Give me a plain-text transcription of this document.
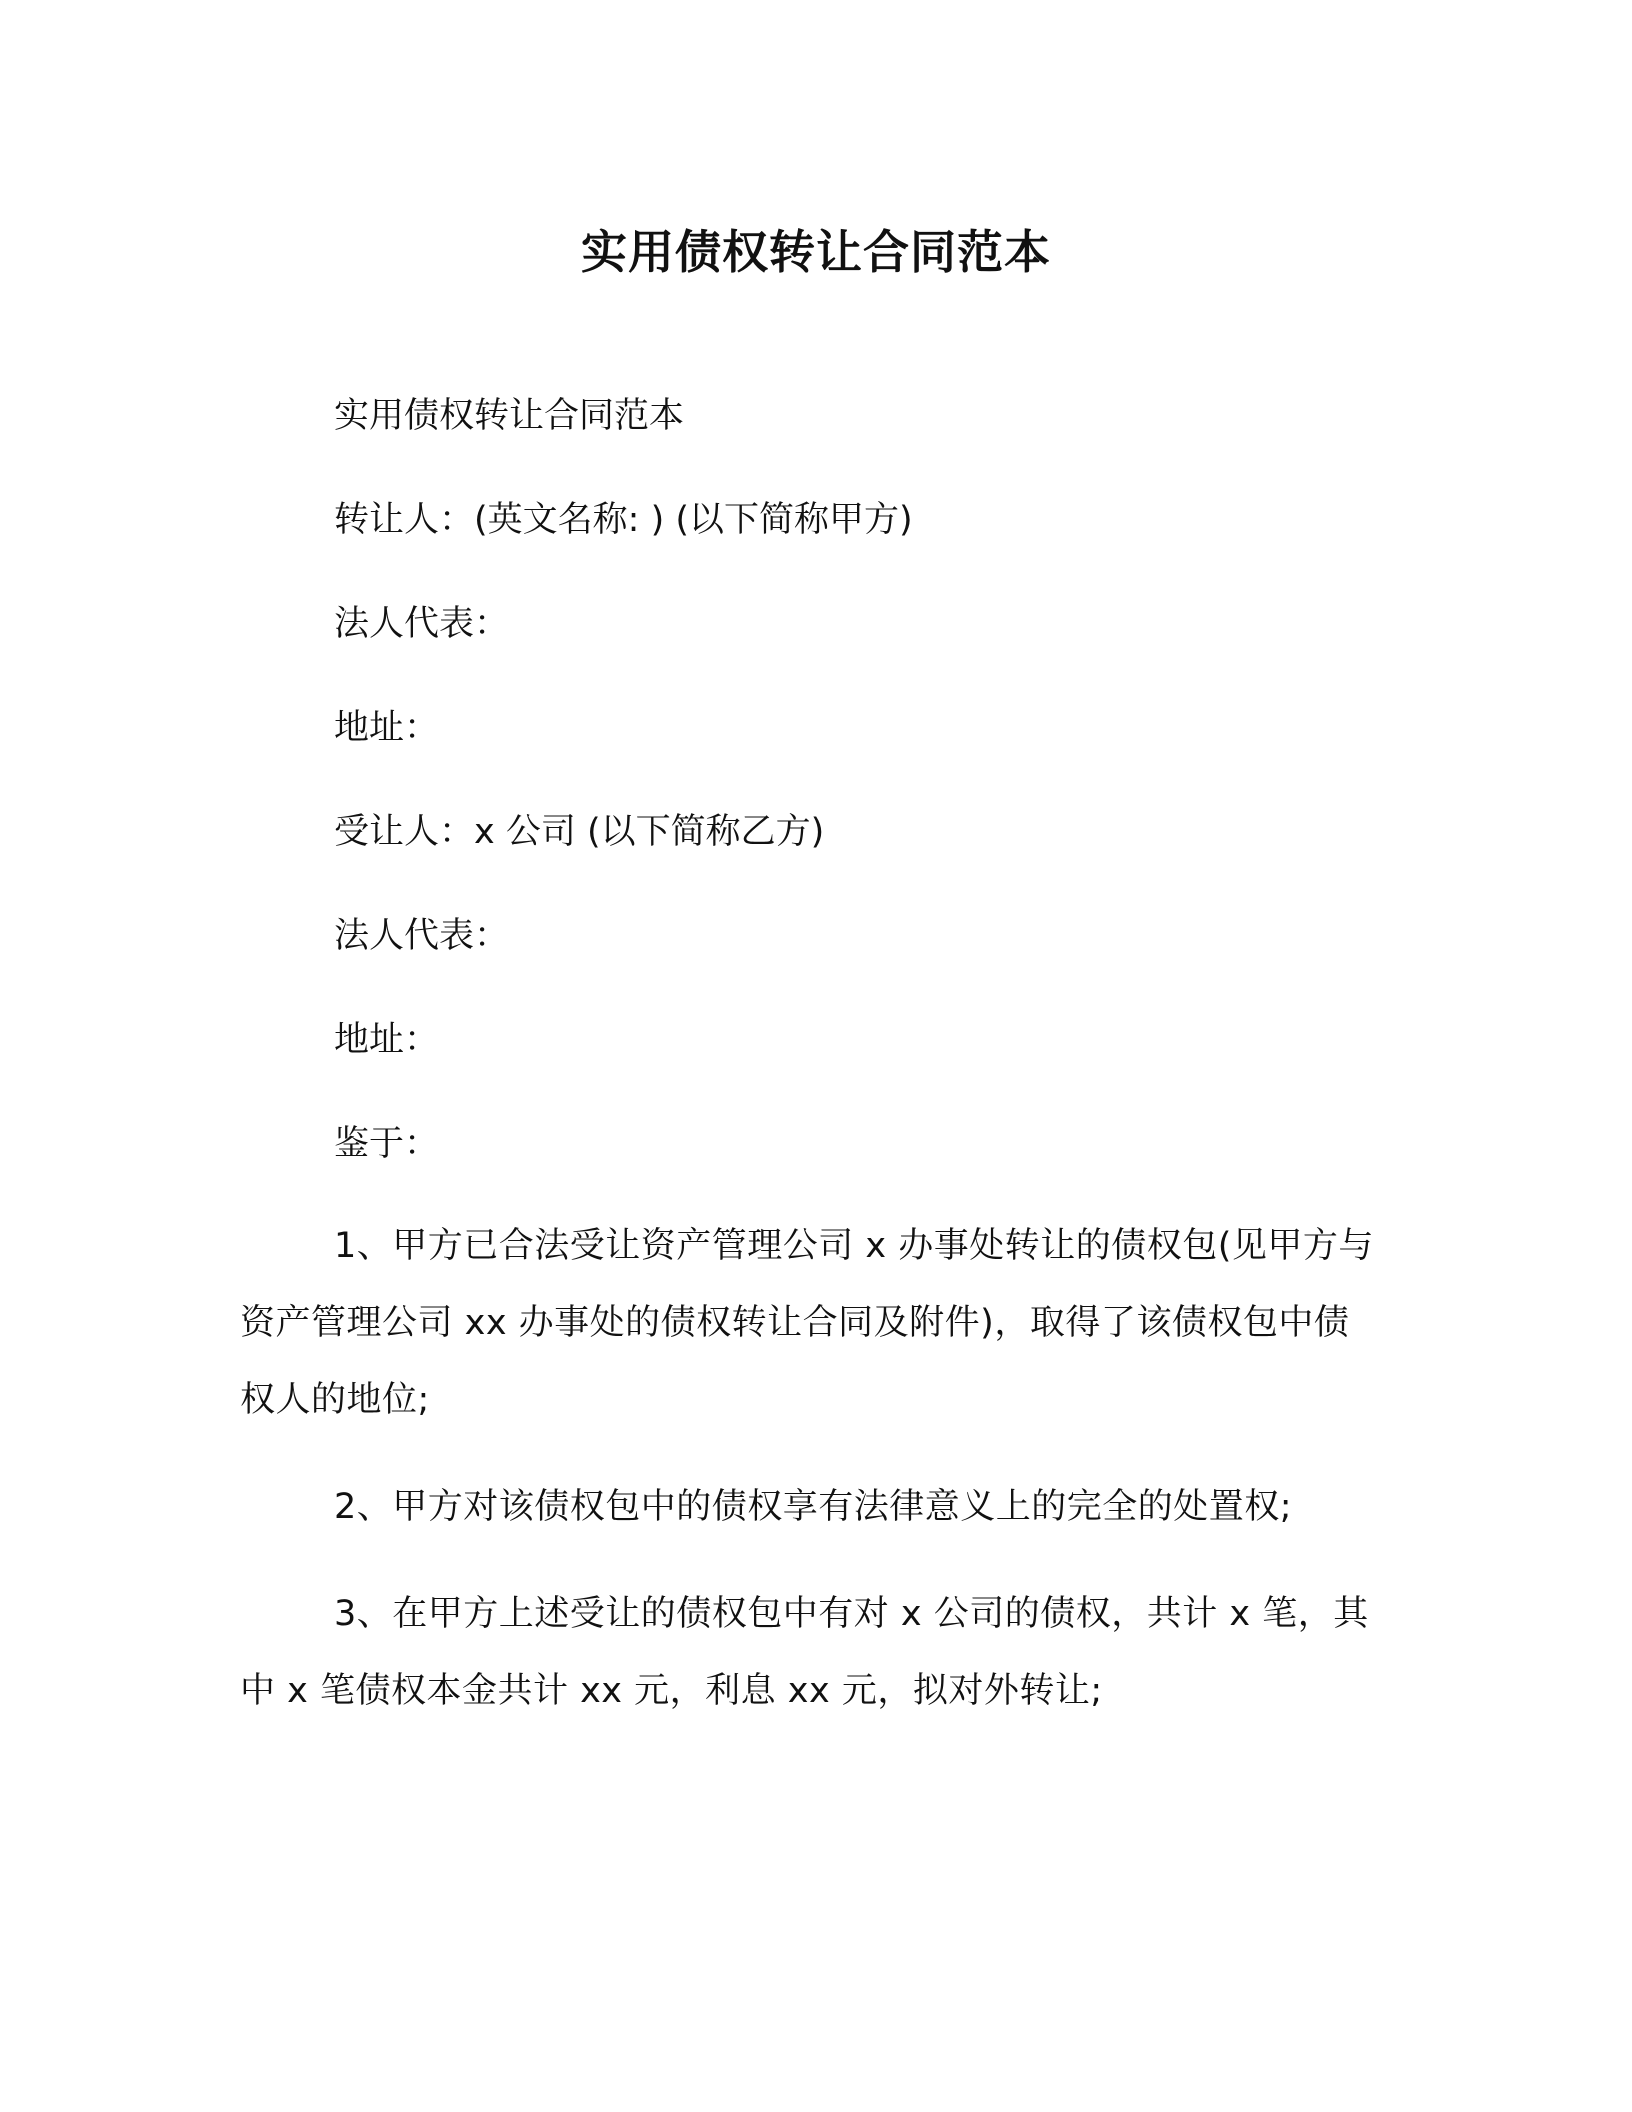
实用债权转让合同范本

实用债权转让合同范本

转让人：(英文名称: ) (以下简称甲方)

法人代表：

地址：

受让人：x 公司 (以下简称乙方)

法人代表：

地址：

鉴于：

1、甲方已合法受让资产管理公司 x 办事处转让的债权包(见甲方与资产管理公司 xx 办事处的债权转让合同及附件)，取得了该债权包中债权人的地位;

2、甲方对该债权包中的债权享有法律意义上的完全的处置权;

3、在甲方上述受让的债权包中有对 x 公司的债权，共计 x 笔，其中 x 笔债权本金共计 xx 元，利息 xx 元，拟对外转让;
